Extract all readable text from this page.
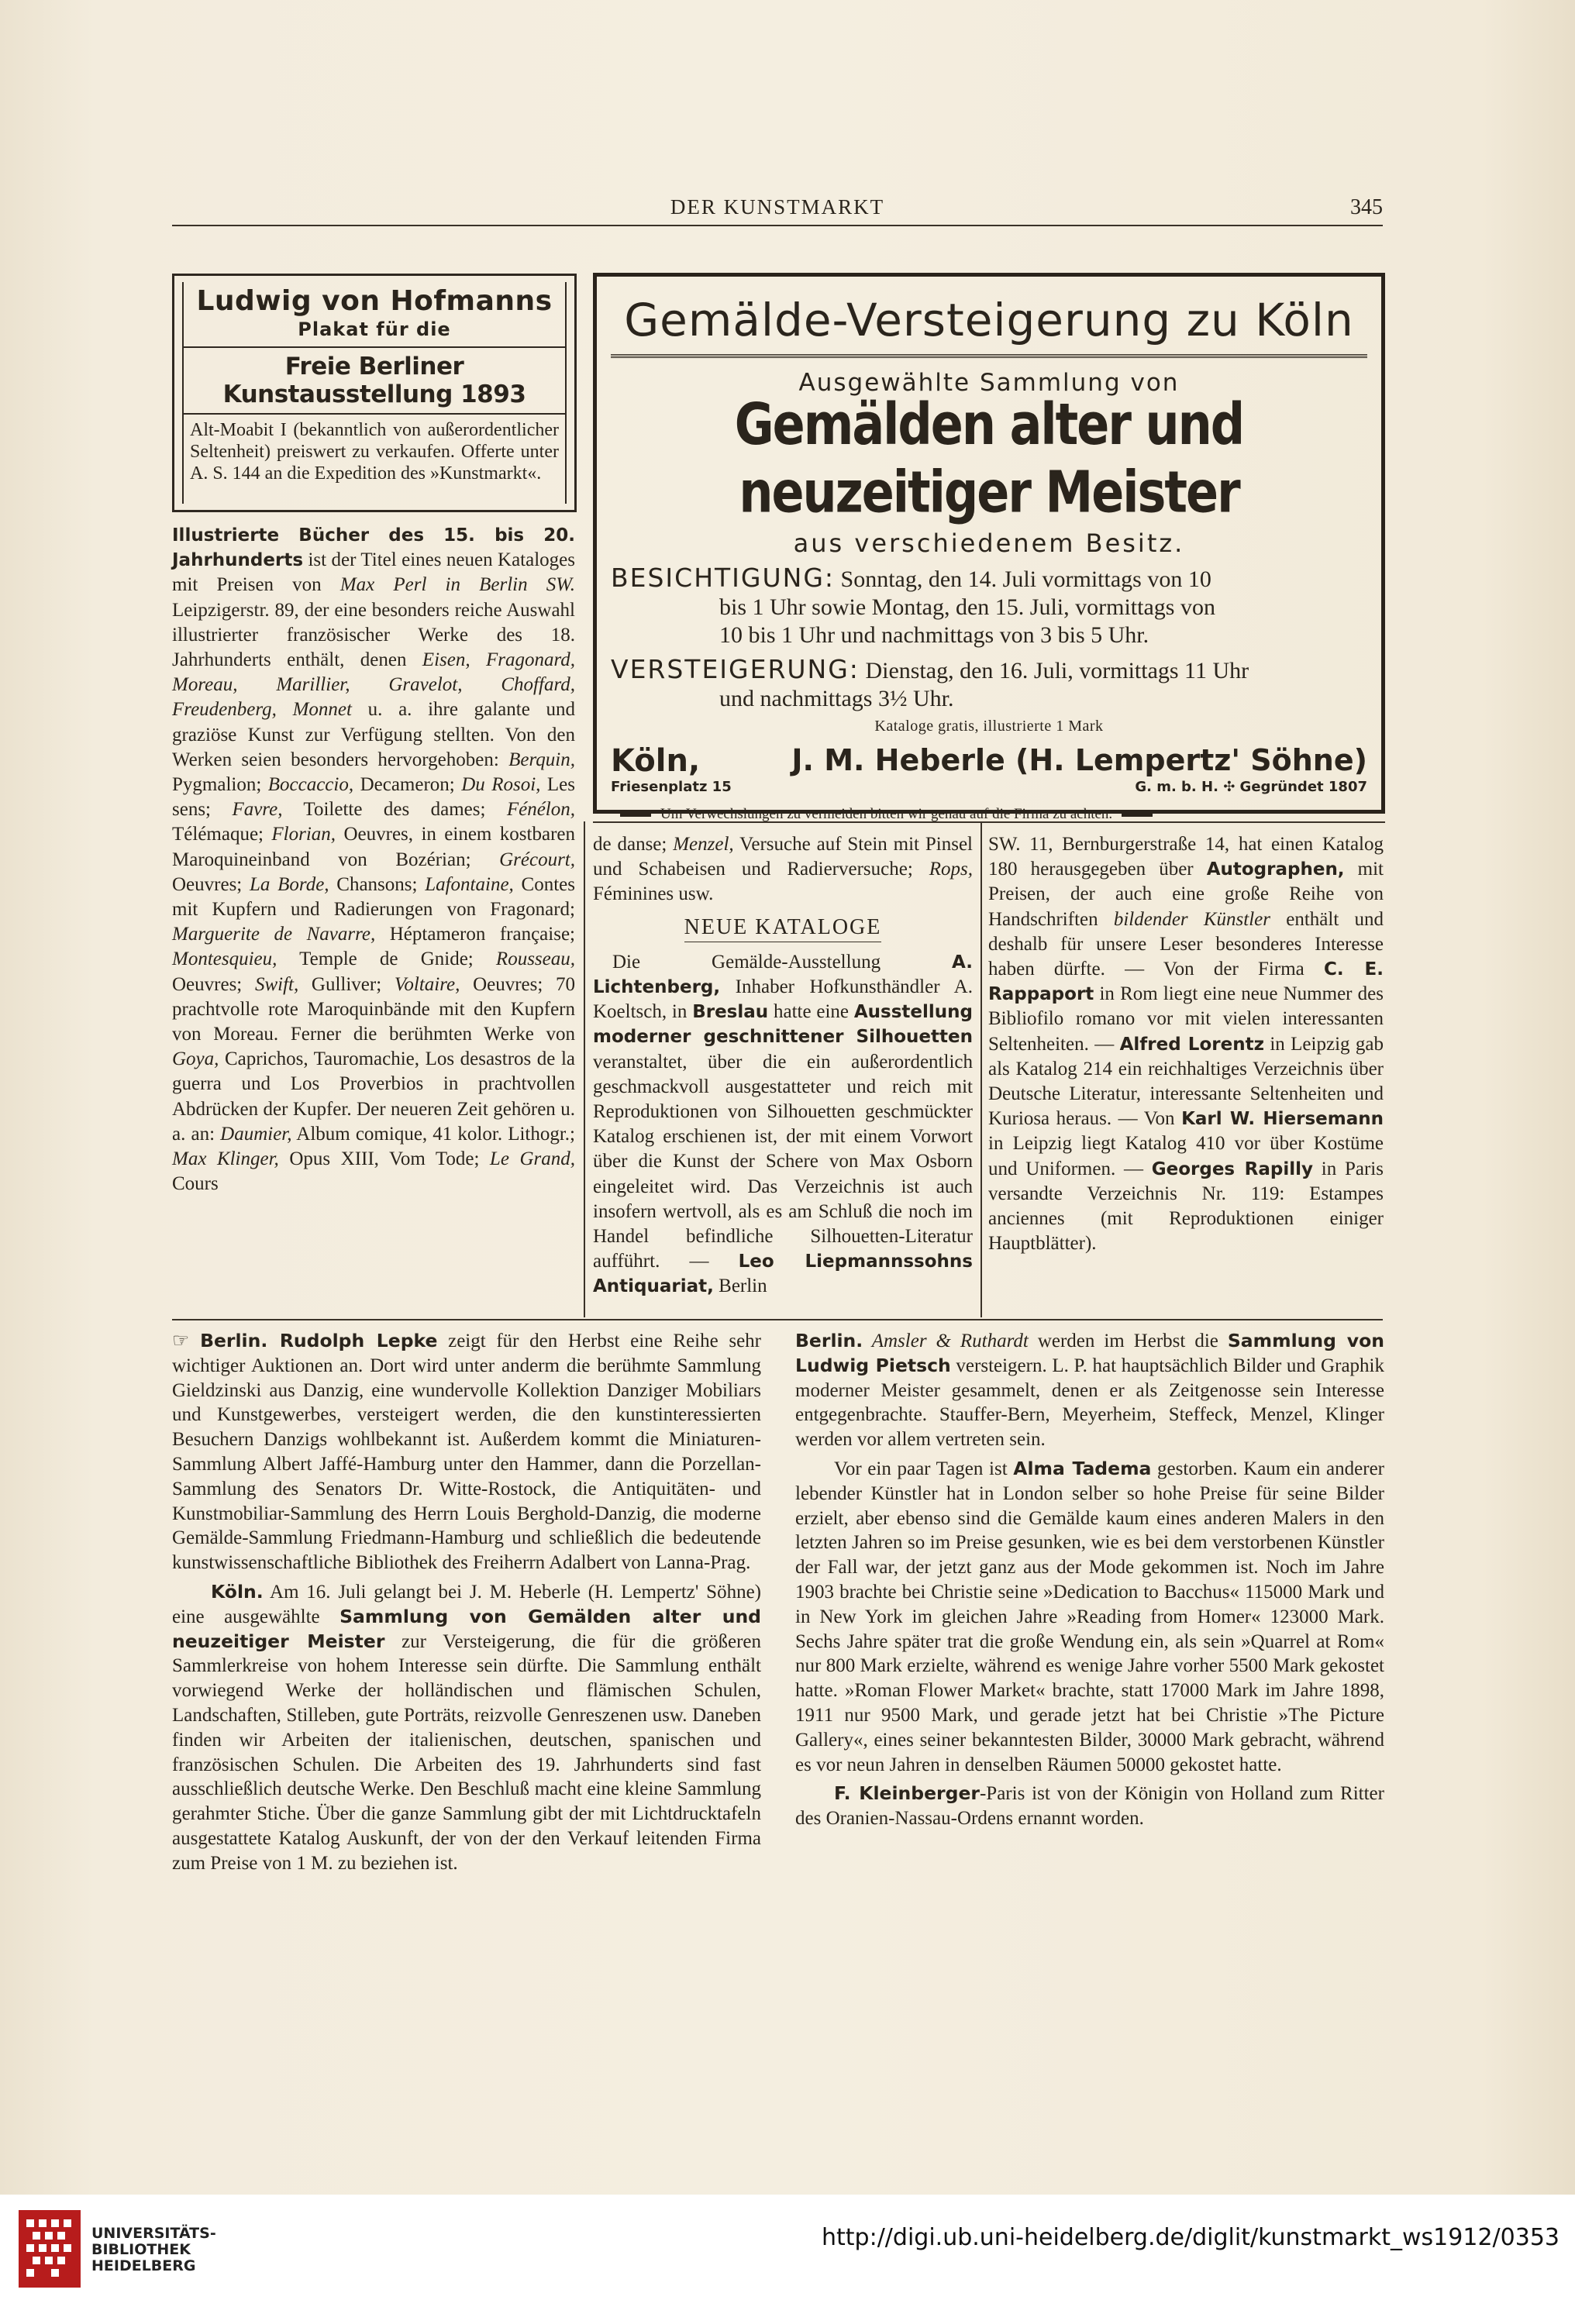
DER KUNSTMARKT	345
Ludwig von Hofmanns
Plakat für die
Freie Berliner Kunstausstellung 1893
Alt-Moabit I (bekanntlich von außerordentlicher Seltenheit) preiswert zu verkaufen. Offerte unter A. S. 144 an die Expedition des »Kunstmarkt«.
Gemälde-Versteigerung zu Köln
Ausgewählte Sammlung von
Gemälden alter und neuzeitiger Meister
aus verschiedenem Besitz.
BESICHTIGUNG: Sonntag, den 14. Juli vormittags von 10
bis 1 Uhr sowie Montag, den 15. Juli, vormittags von
10 bis 1 Uhr und nachmittags von 3 bis 5 Uhr.
VERSTEIGERUNG: Dienstag, den 16. Juli, vormittags 11 Uhr
und nachmittags 3½ Uhr.
Kataloge gratis, illustrierte 1 Mark
Köln,	J. M. Heberle (H. Lempertz' Söhne)
Friesenplatz 15	G. m. b. H. ✣ Gegründet 1807
Um Verwechslungen zu vermeiden bitten wir genau auf die Firma zu achten.

Illustrierte Bücher des 15. bis 20. Jahrhunderts ist der Titel eines neuen Kataloges mit Preisen von Max Perl in Berlin SW. Leipzigerstr. 89, der eine besonders reiche Auswahl illustrierter französischer Werke des 18. Jahrhunderts enthält, denen Eisen, Fragonard, Moreau, Marillier, Gravelot, Choffard, Freudenberg, Monnet u. a. ihre galante und graziöse Kunst zur Verfügung stellten. Von den Werken seien besonders hervorgehoben: Berquin, Pygmalion; Boccaccio, Decameron; Du Rosoi, Les sens; Favre, Toilette des dames; Fénélon, Télémaque; Florian, Oeuvres, in einem kostbaren Maroquineinband von Bozérian; Grécourt, Oeuvres; La Borde, Chansons; Lafontaine, Contes mit Kupfern und Radierungen von Fragonard; Marguerite de Navarre, Héptameron française; Montesquieu, Temple de Gnide; Rousseau, Oeuvres; Swift, Gulliver; Voltaire, Oeuvres; 70 prachtvolle rote Maroquinbände mit den Kupfern von Moreau. Ferner die berühmten Werke von Goya, Caprichos, Tauromachie, Los desastros de la guerra und Los Proverbios in prachtvollen Abdrücken der Kupfer. Der neueren Zeit gehören u. a. an: Daumier, Album comique, 41 kolor. Lithogr.; Max Klinger, Opus XIII, Vom Tode; Le Grand, Cours

de danse; Menzel, Versuche auf Stein mit Pinsel und Schabeisen und Radierversuche; Rops, Féminines usw.

NEUE KATALOGE

Die Gemälde-Ausstellung A. Lichtenberg, Inhaber Hofkunsthändler A. Koeltsch, in Breslau hatte eine Ausstellung moderner geschnittener Silhouetten veranstaltet, über die ein außerordentlich geschmackvoll ausgestatteter und reich mit Reproduktionen von Silhouetten geschmückter Katalog erschienen ist, der mit einem Vorwort über die Kunst der Schere von Max Osborn eingeleitet wird. Das Verzeichnis ist auch insofern wertvoll, als es am Schluß die noch im Handel befindliche Silhouetten-Literatur aufführt. — Leo Liepmannssohns Antiquariat, Berlin

SW. 11, Bernburgerstraße 14, hat einen Katalog 180 herausgegeben über Autographen, mit Preisen, der auch eine große Reihe von Handschriften bildender Künstler enthält und deshalb für unsere Leser besonderes Interesse haben dürfte. — Von der Firma C. E. Rappaport in Rom liegt eine neue Nummer des Bibliofilo romano vor mit vielen interessanten Seltenheiten. — Alfred Lorentz in Leipzig gab als Katalog 214 ein reichhaltiges Verzeichnis über Deutsche Literatur, interessante Seltenheiten und Kuriosa heraus. — Von Karl W. Hiersemann in Leipzig liegt Katalog 410 vor über Kostüme und Uniformen. — Georges Rapilly in Paris versandte Verzeichnis Nr. 119: Estampes anciennes (mit Reproduktionen einiger Hauptblätter).

☞ Berlin. Rudolph Lepke zeigt für den Herbst eine Reihe sehr wichtiger Auktionen an. Dort wird unter anderm die berühmte Sammlung Gieldzinski aus Danzig, eine wundervolle Kollektion Danziger Mobiliars und Kunstgewerbes, versteigert werden, die den kunstinteressierten Besuchern Danzigs wohlbekannt ist. Außerdem kommt die Miniaturen-Sammlung Albert Jaffé-Hamburg unter den Hammer, dann die Porzellan-Sammlung des Senators Dr. Witte-Rostock, die Antiquitäten- und Kunstmobiliar-Sammlung des Herrn Louis Berghold-Danzig, die moderne Gemälde-Sammlung Friedmann-Hamburg und schließlich die bedeutende kunstwissenschaftliche Bibliothek des Freiherrn Adalbert von Lanna-Prag.

Köln. Am 16. Juli gelangt bei J. M. Heberle (H. Lempertz' Söhne) eine ausgewählte Sammlung von Gemälden alter und neuzeitiger Meister zur Versteigerung, die für die größeren Sammlerkreise von hohem Interesse sein dürfte. Die Sammlung enthält vorwiegend Werke der holländischen und flämischen Schulen, Landschaften, Stilleben, gute Porträts, reizvolle Genreszenen usw. Daneben finden wir Arbeiten der italienischen, deutschen, spanischen und französischen Schulen. Die Arbeiten des 19. Jahrhunderts sind fast ausschließlich deutsche Werke. Den Beschluß macht eine kleine Sammlung gerahmter Stiche. Über die ganze Sammlung gibt der mit Lichtdrucktafeln ausgestattete Katalog Auskunft, der von der den Verkauf leitenden Firma zum Preise von 1 M. zu beziehen ist.

Berlin. Amsler & Ruthardt werden im Herbst die Sammlung von Ludwig Pietsch versteigern. L. P. hat hauptsächlich Bilder und Graphik moderner Meister gesammelt, denen er als Zeitgenosse sein Interesse entgegenbrachte. Stauffer-Bern, Meyerheim, Steffeck, Menzel, Klinger werden vor allem vertreten sein.

Vor ein paar Tagen ist Alma Tadema gestorben. Kaum ein anderer lebender Künstler hat in London selber so hohe Preise für seine Bilder erzielt, aber ebenso sind die Gemälde kaum eines anderen Malers in den letzten Jahren so im Preise gesunken, wie es bei dem verstorbenen Künstler der Fall war, der jetzt ganz aus der Mode gekommen ist. Noch im Jahre 1903 brachte bei Christie seine »Dedication to Bacchus« 115000 Mark und in New York im gleichen Jahre »Reading from Homer« 123000 Mark. Sechs Jahre später trat die große Wendung ein, als sein »Quarrel at Rom« nur 800 Mark erzielte, während es wenige Jahre vorher 5500 Mark gekostet hatte. »Roman Flower Market« brachte, statt 17000 Mark im Jahre 1898, 1911 nur 9500 Mark, und gerade jetzt hat bei Christie »The Picture Gallery«, eines seiner bekanntesten Bilder, 30000 Mark gebracht, während es vor neun Jahren in denselben Räumen 50000 gekostet hatte.

F. Kleinberger-Paris ist von der Königin von Holland zum Ritter des Oranien-Nassau-Ordens ernannt worden.

UNIVERSITÄTS-
BIBLIOTHEK
HEIDELBERG
http://digi.ub.uni-heidelberg.de/diglit/kunstmarkt_ws1912/0353
